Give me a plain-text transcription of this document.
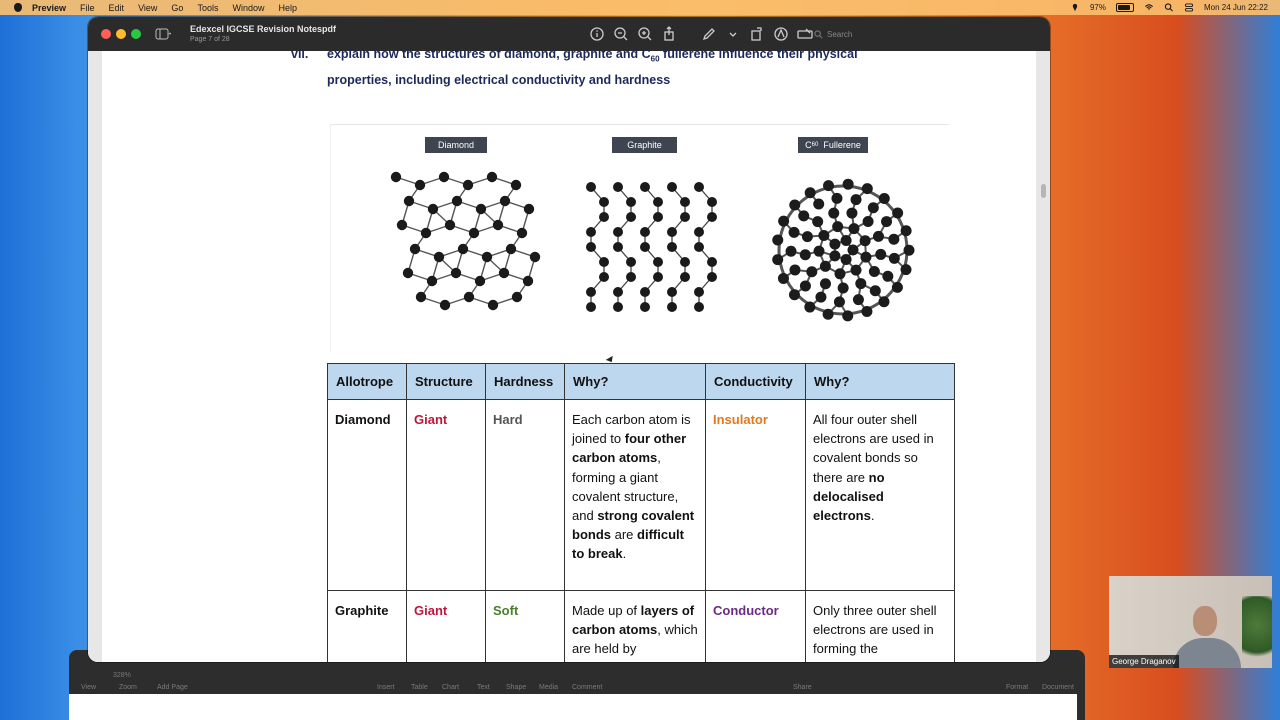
Preview File Edit View Go Tools Window Help	97%	Mon 24 Jun 22:22
View
328%
Zoom	Add Page	Insert Table Chart	Text Shape Media Comment	Share	Format Document
Edexcel IGCSE Revision Notespdf
Page 7 of 28
Search
vii. explain how the structures of diamond, graphite and $C_{60}$ fullerene influence their physical
properties, including electrical conductivity and hardness
Diamond	Graphite	C 60
Fullerene
Allotrope	Structure	Hardness	Why?	Conductivity	Why?
Diamond	Giant	Hard	Each carbon atom is joined to four other carbon atoms, forming a giant covalent structure, and strong covalent bonds are difficult to break.	Insulator	All four outer shell electrons are used in covalent bonds so there are no delocalised electrons.
Graphite	Giant	Soft	Made up of layers of carbon atoms, which are held by	Conductor	Only three outer shell electrons are used in forming the
George Draganov
